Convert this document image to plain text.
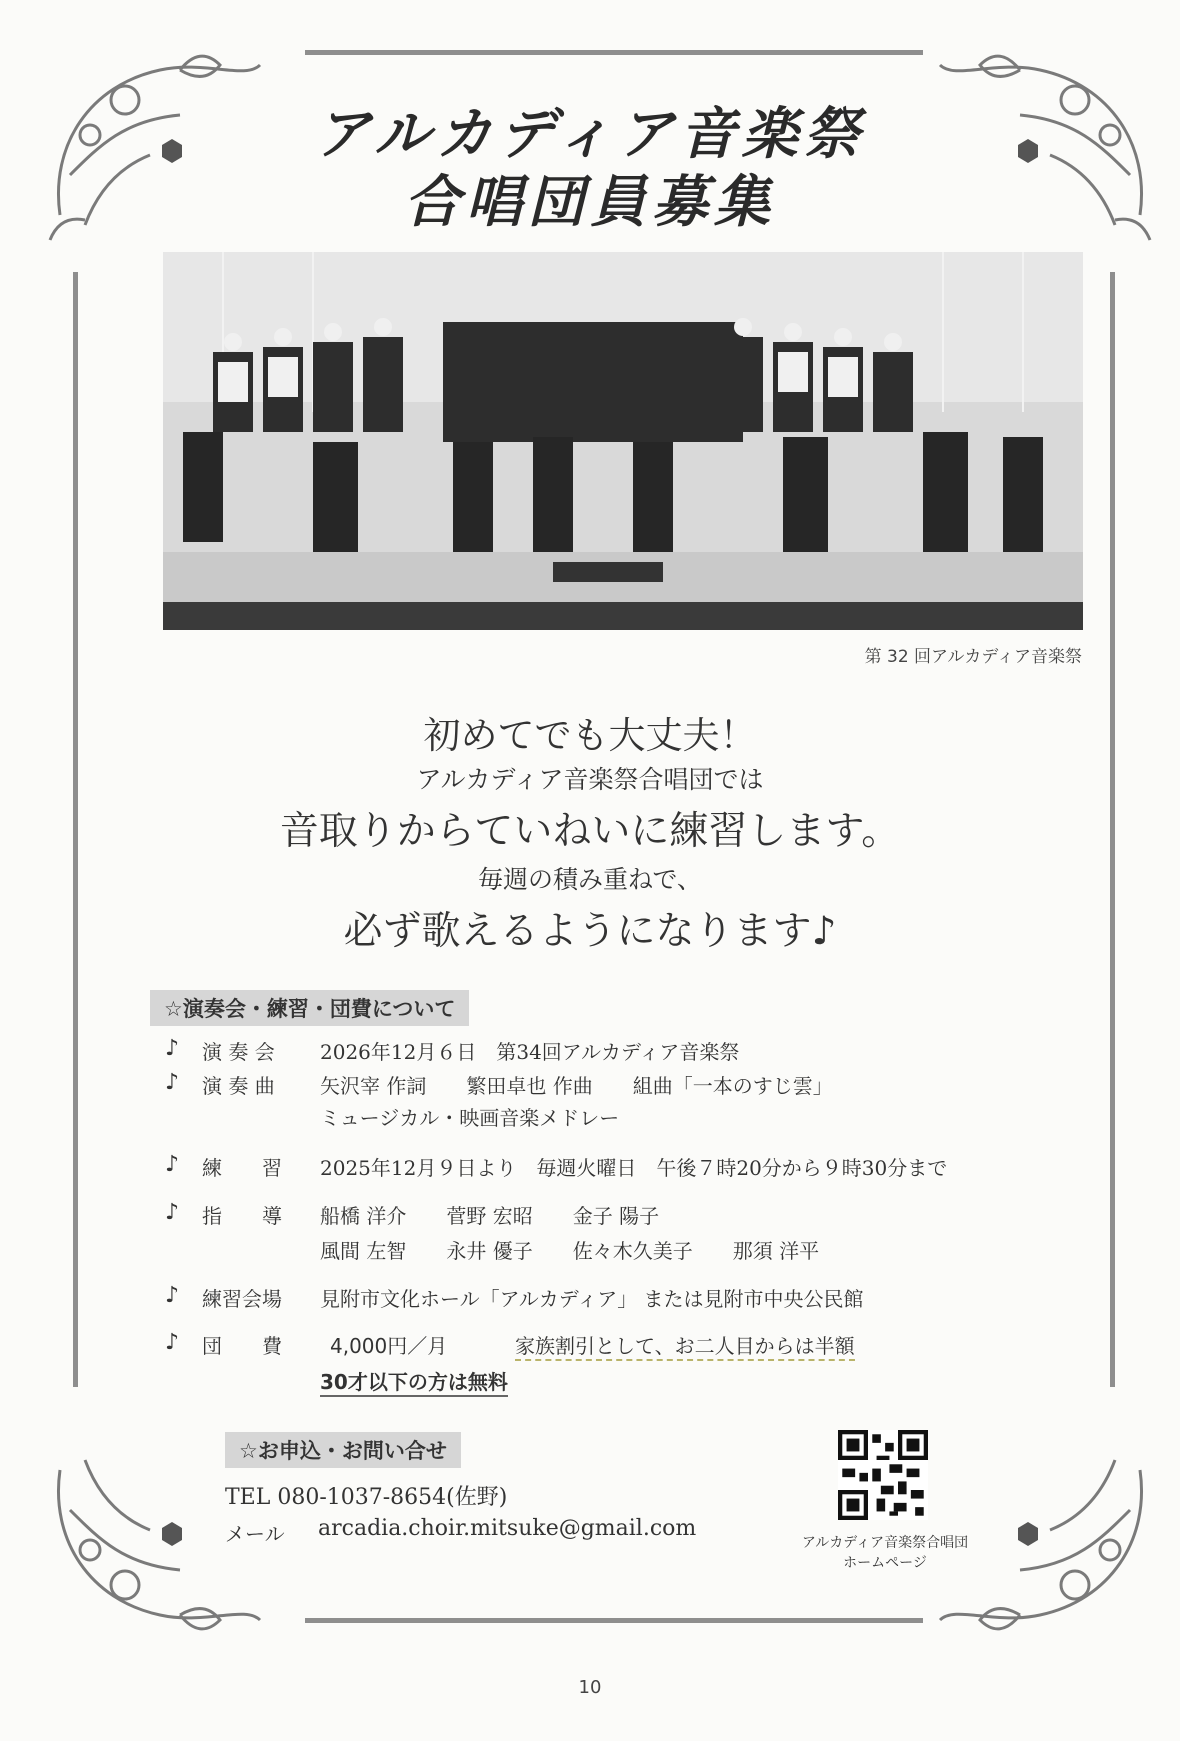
アルカディア音楽祭
合唱団員募集
第 32 回アルカディア音楽祭
初めてでも大丈夫！
アルカディア音楽祭合唱団では
音取りからていねいに練習します。
毎週の積み重ねで、
必ず歌えるようになります♪
☆演奏会・練習・団費について
♪ 演 奏 会 2026年12月６日　第34回アルカディア音楽祭
♪ 演 奏 曲 矢沢宰 作詞　　繁田卓也 作曲　　組曲「一本のすじ雲」
ミュージカル・映画音楽メドレー
♪ 練　　習 2025年12月９日より　毎週火曜日　午後７時20分から９時30分まで
♪ 指　　導 船橋 洋介　　菅野 宏昭　　金子 陽子
風間 左智　　永井 優子　　佐々木久美子　　那須 洋平
♪ 練習会場 見附市文化ホール「アルカディア」 または見附市中央公民館
♪ 団　　費 4,000円／月	家族割引として、お二人目からは半額
30才以下の方は無料
☆お申込・お問い合せ
TEL 080-1037-8654(佐野)
メール arcadia.choir.mitsuke@gmail.com
アルカディア音楽祭合唱団
ホームページ
10
